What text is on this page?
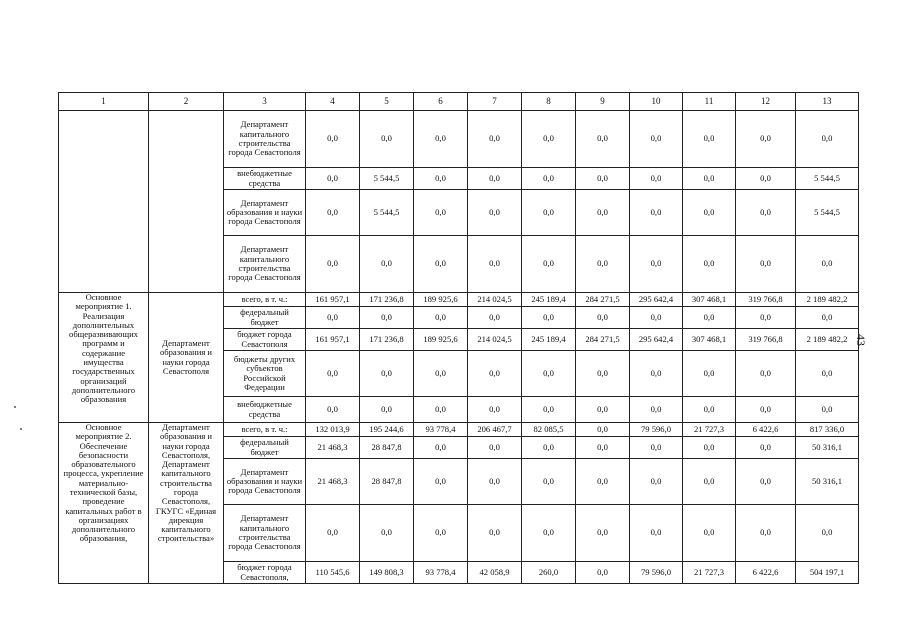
1	2	3	4	5	6	7	8	9	10	11	12	13
		Департамент капитального строительства города Севастополя	0,0	0,0	0,0	0,0	0,0	0,0	0,0	0,0	0,0	0,0
		внебюджетные средства	0,0	5 544,5	0,0	0,0	0,0	0,0	0,0	0,0	0,0	5 544,5
		Департамент образования и науки города Севастополя	0,0	5 544,5	0,0	0,0	0,0	0,0	0,0	0,0	0,0	5 544,5
		Департамент капитального строительства города Севастополя	0,0	0,0	0,0	0,0	0,0	0,0	0,0	0,0	0,0	0,0
Основное мероприятие 1. Реализация дополнительных общеразвивающих программ и содержание имущества государственных организаций дополнительного образования	Департамент образования и науки города Севастополя	всего, в т. ч.:	161 957,1	171 236,8	189 925,6	214 024,5	245 189,4	284 271,5	295 642,4	307 468,1	319 766,8	2 189 482,2
		федеральный бюджет	0,0	0,0	0,0	0,0	0,0	0,0	0,0	0,0	0,0	0,0
		бюджет города Севастополя	161 957,1	171 236,8	189 925,6	214 024,5	245 189,4	284 271,5	295 642,4	307 468,1	319 766,8	2 189 482,2
		бюджеты других субъектов Российской Федерации	0,0	0,0	0,0	0,0	0,0	0,0	0,0	0,0	0,0	0,0
		внебюджетные средства	0,0	0,0	0,0	0,0	0,0	0,0	0,0	0,0	0,0	0,0
Основное мероприятие 2. Обеспечение безопасности образовательного процесса, укрепление материально-технической базы, проведение капитальных работ в организациях дополнительного образования,	Департамент образования и науки города Севастополя, Департамент капитального строительства города Севастополя, ГКУГС «Единая дирекция капитального строительства»	всего, в т. ч.:	132 013,9	195 244,6	93 778,4	206 467,7	82 085,5	0,0	79 596,0	21 727,3	6 422,6	817 336,0
		федеральный бюджет	21 468,3	28 847,8	0,0	0,0	0,0	0,0	0,0	0,0	0,0	50 316,1
		Департамент образования и науки города Севастополя	21 468,3	28 847,8	0,0	0,0	0,0	0,0	0,0	0,0	0,0	50 316,1
		Департамент капитального строительства города Севастополя	0,0	0,0	0,0	0,0	0,0	0,0	0,0	0,0	0,0	0,0
		бюджет города Севастополя,	110 545,6	149 808,3	93 778,4	42 058,9	260,0	0,0	79 596,0	21 727,3	6 422,6	504 197,1
43
